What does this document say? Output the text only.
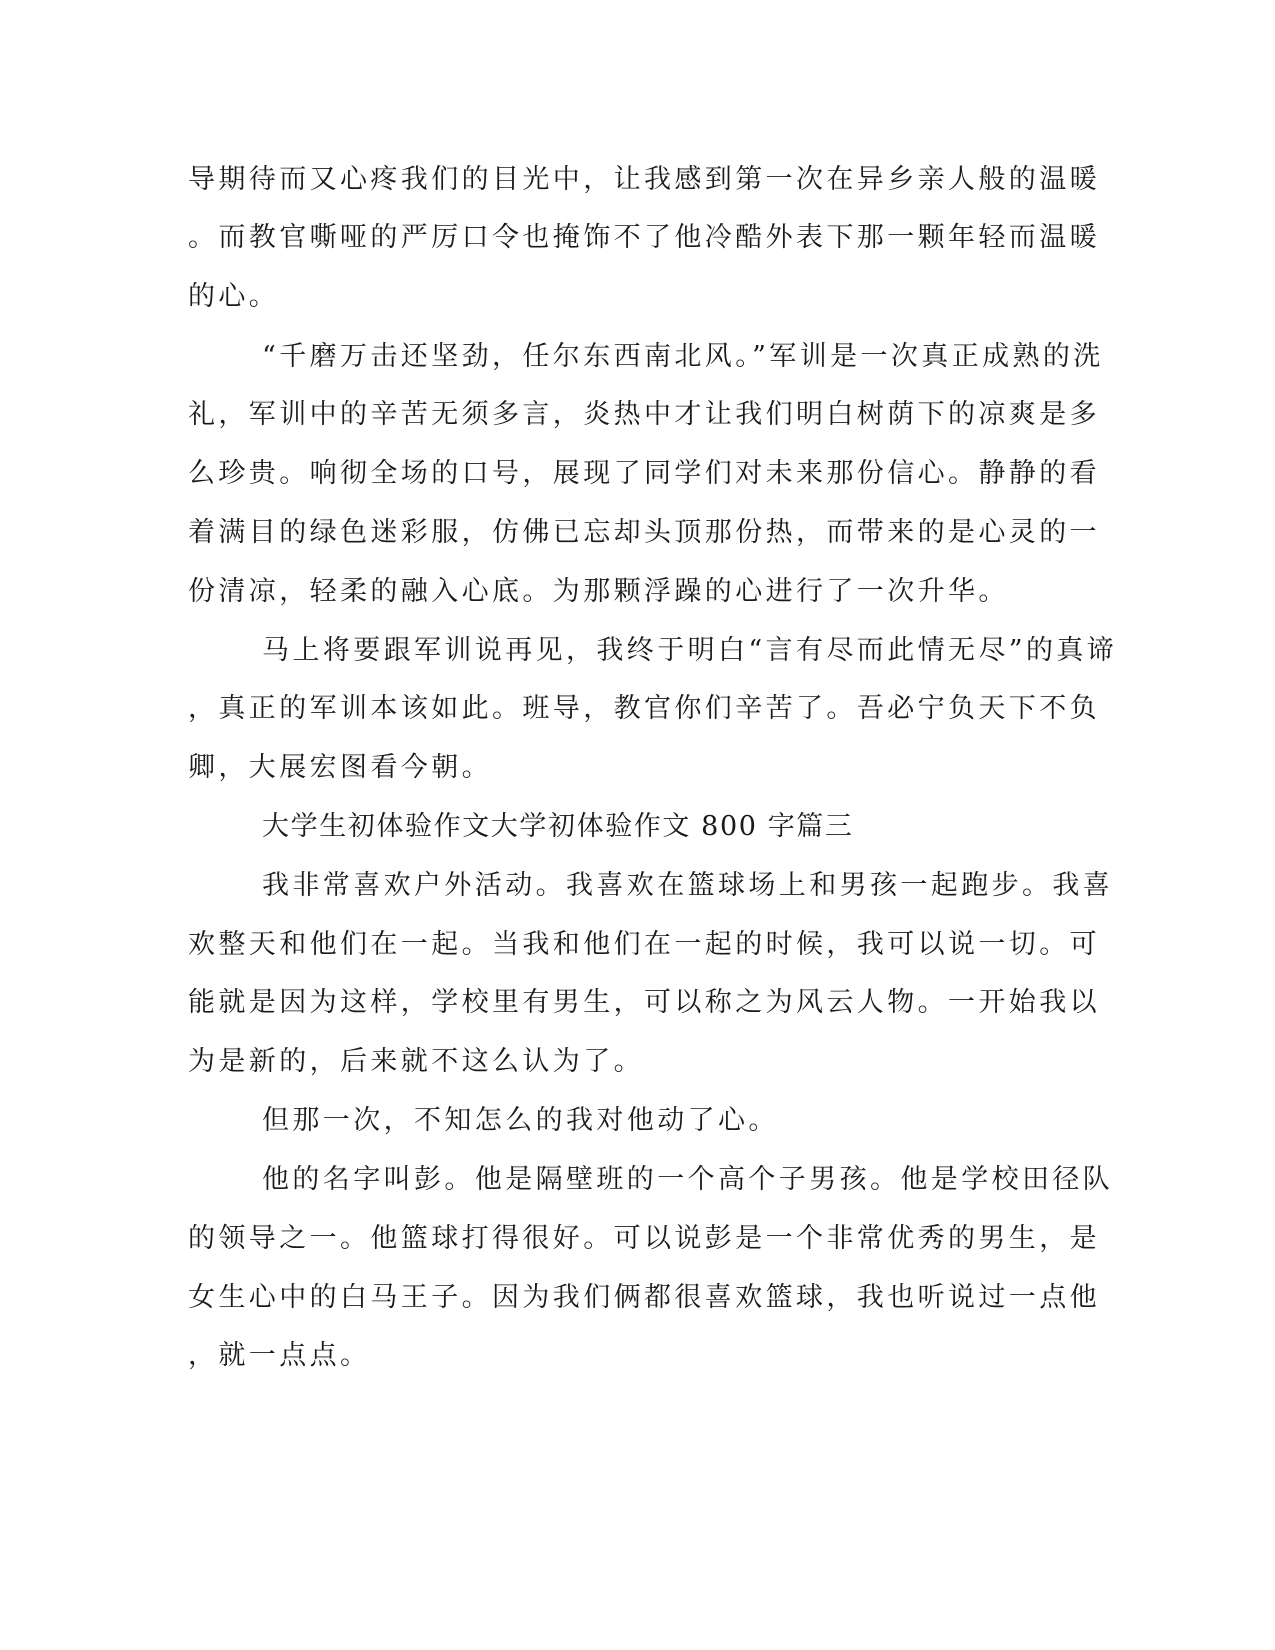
导期待而又心疼我们的目光中，让我感到第一次在异乡亲人般的温暖
。而教官嘶哑的严厉口令也掩饰不了他冷酷外表下那一颗年轻而温暖
的心。
“千磨万击还坚劲，任尔东西南北风。”军训是一次真正成熟的洗
礼，军训中的辛苦无须多言，炎热中才让我们明白树荫下的凉爽是多
么珍贵。响彻全场的口号，展现了同学们对未来那份信心。静静的看
着满目的绿色迷彩服，仿佛已忘却头顶那份热，而带来的是心灵的一
份清凉，轻柔的融入心底。为那颗浮躁的心进行了一次升华。
马上将要跟军训说再见，我终于明白“言有尽而此情无尽”的真谛
，真正的军训本该如此。班导，教官你们辛苦了。吾必宁负天下不负
卿，大展宏图看今朝。
大学生初体验作文大学初体验作文 800 字篇三
我非常喜欢户外活动。我喜欢在篮球场上和男孩一起跑步。我喜
欢整天和他们在一起。当我和他们在一起的时候，我可以说一切。可
能就是因为这样，学校里有男生，可以称之为风云人物。一开始我以
为是新的，后来就不这么认为了。
但那一次，不知怎么的我对他动了心。
他的名字叫彭。他是隔壁班的一个高个子男孩。他是学校田径队
的领导之一。他篮球打得很好。可以说彭是一个非常优秀的男生，是
女生心中的白马王子。因为我们俩都很喜欢篮球，我也听说过一点他
，就一点点。
